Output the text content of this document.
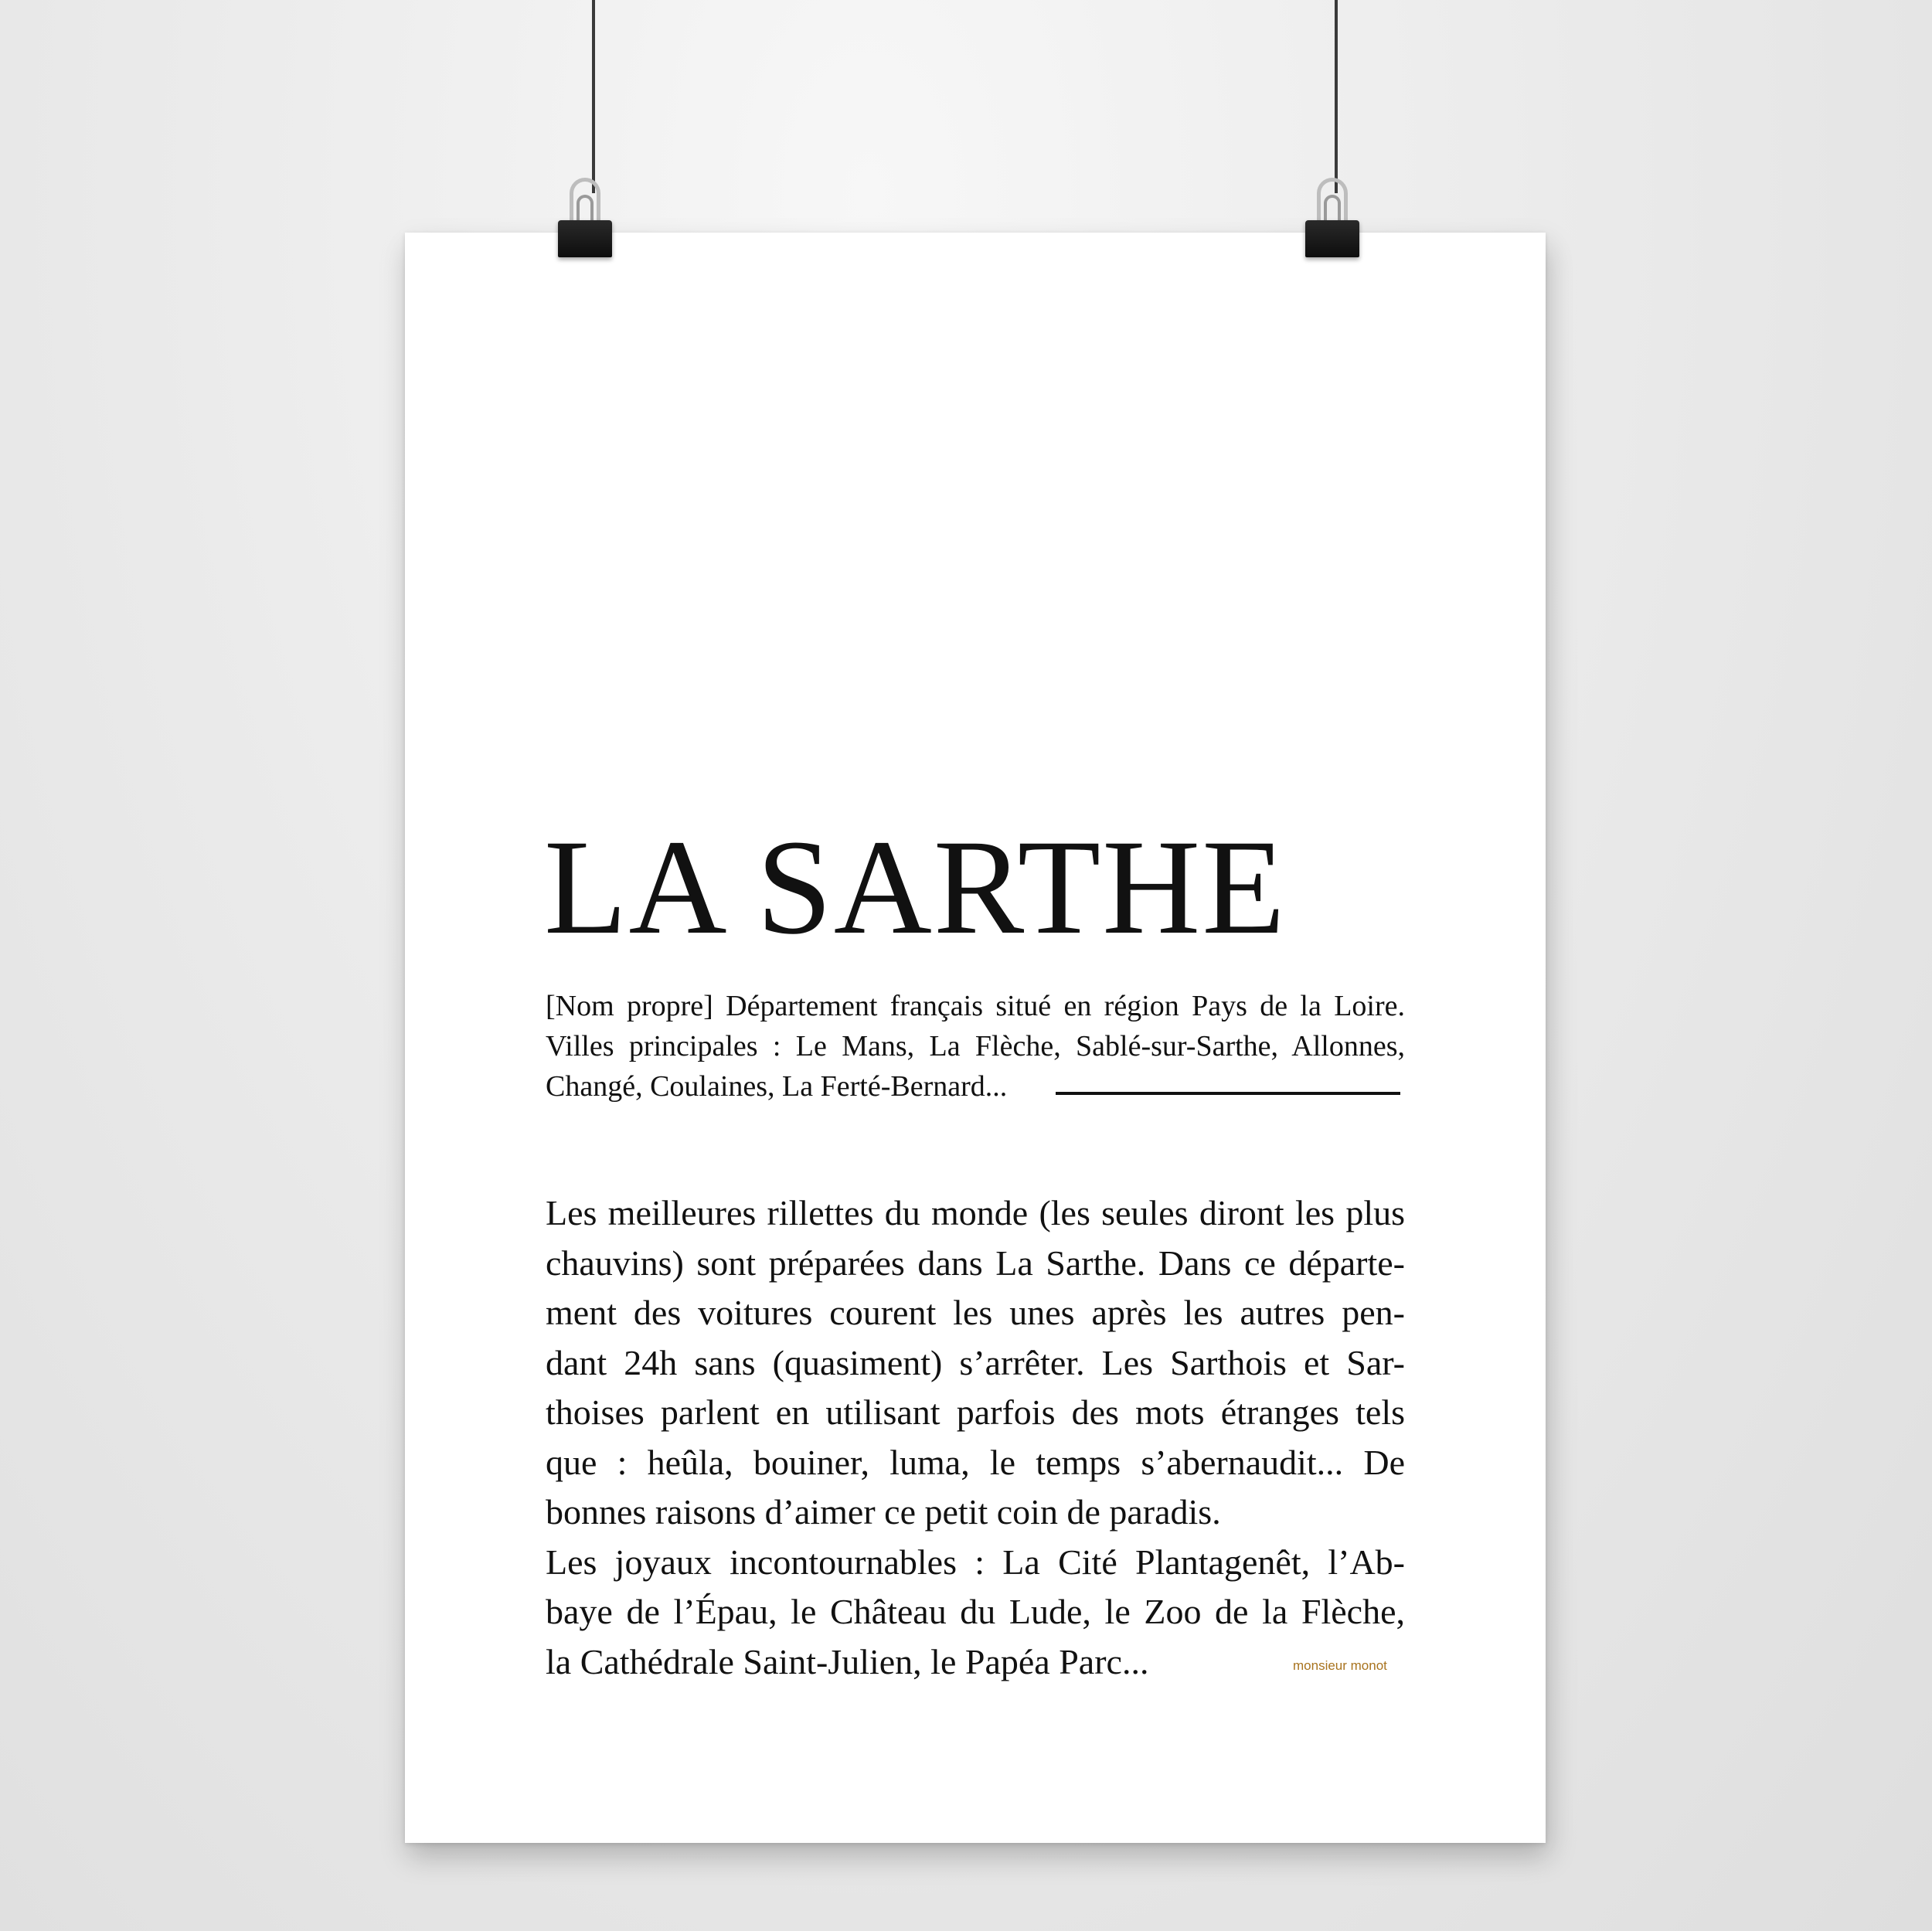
LA SARTHE
[Nom propre] Département français situé en région Pays de la Loire.
Villes principales : Le Mans, La Flèche, Sablé-sur-Sarthe, Allonnes,
Changé, Coulaines, La Ferté-Bernard...
Les meilleures rillettes du monde (les seules diront les plus
chauvins) sont préparées dans La Sarthe. Dans ce départe-
ment des voitures courent les unes après les autres pen-
dant 24h sans (quasiment) s’arrêter. Les Sarthois et Sar-
thoises parlent en utilisant parfois des mots étranges tels
que : heûla, bouiner, luma, le temps s’abernaudit... De
bonnes raisons d’aimer ce petit coin de paradis.
Les joyaux incontournables : La Cité Plantagenêt, l’Ab-
baye de l’Épau, le Château du Lude, le Zoo de la Flèche,
la Cathédrale Saint-Julien, le Papéa Parc...	monsieur monot
